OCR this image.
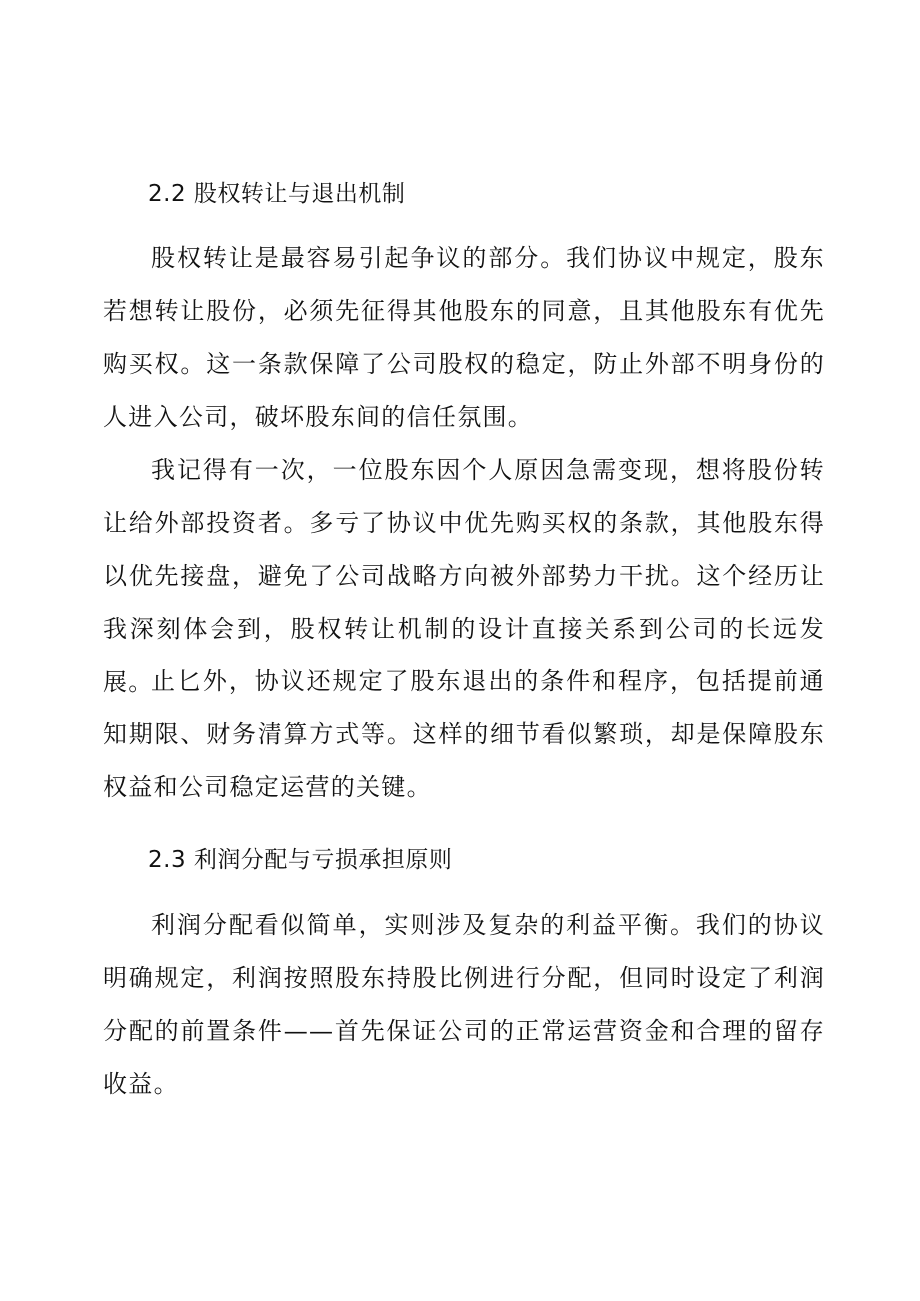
2.2 股权转让与退出机制

股权转让是最容易引起争议的部分。我们协议中规定，股东若想转让股份，必须先征得其他股东的同意，且其他股东有优先购买权。这一条款保障了公司股权的稳定，防止外部不明身份的人进入公司，破坏股东间的信任氛围。

我记得有一次，一位股东因个人原因急需变现，想将股份转让给外部投资者。多亏了协议中优先购买权的条款，其他股东得以优先接盘，避免了公司战略方向被外部势力干扰。这个经历让我深刻体会到，股权转让机制的设计直接关系到公司的长远发展。

止匕外，协议还规定了股东退出的条件和程序，包括提前通知期限、财务清算方式等。这样的细节看似繁琐，却是保障股东权益和公司稳定运营的关键。

2.3 利润分配与亏损承担原则

利润分配看似简单，实则涉及复杂的利益平衡。我们的协议明确规定，利润按照股东持股比例进行分配，但同时设定了利润分配的前置条件——首先保证公司的正常运营资金和合理的留存收益。
